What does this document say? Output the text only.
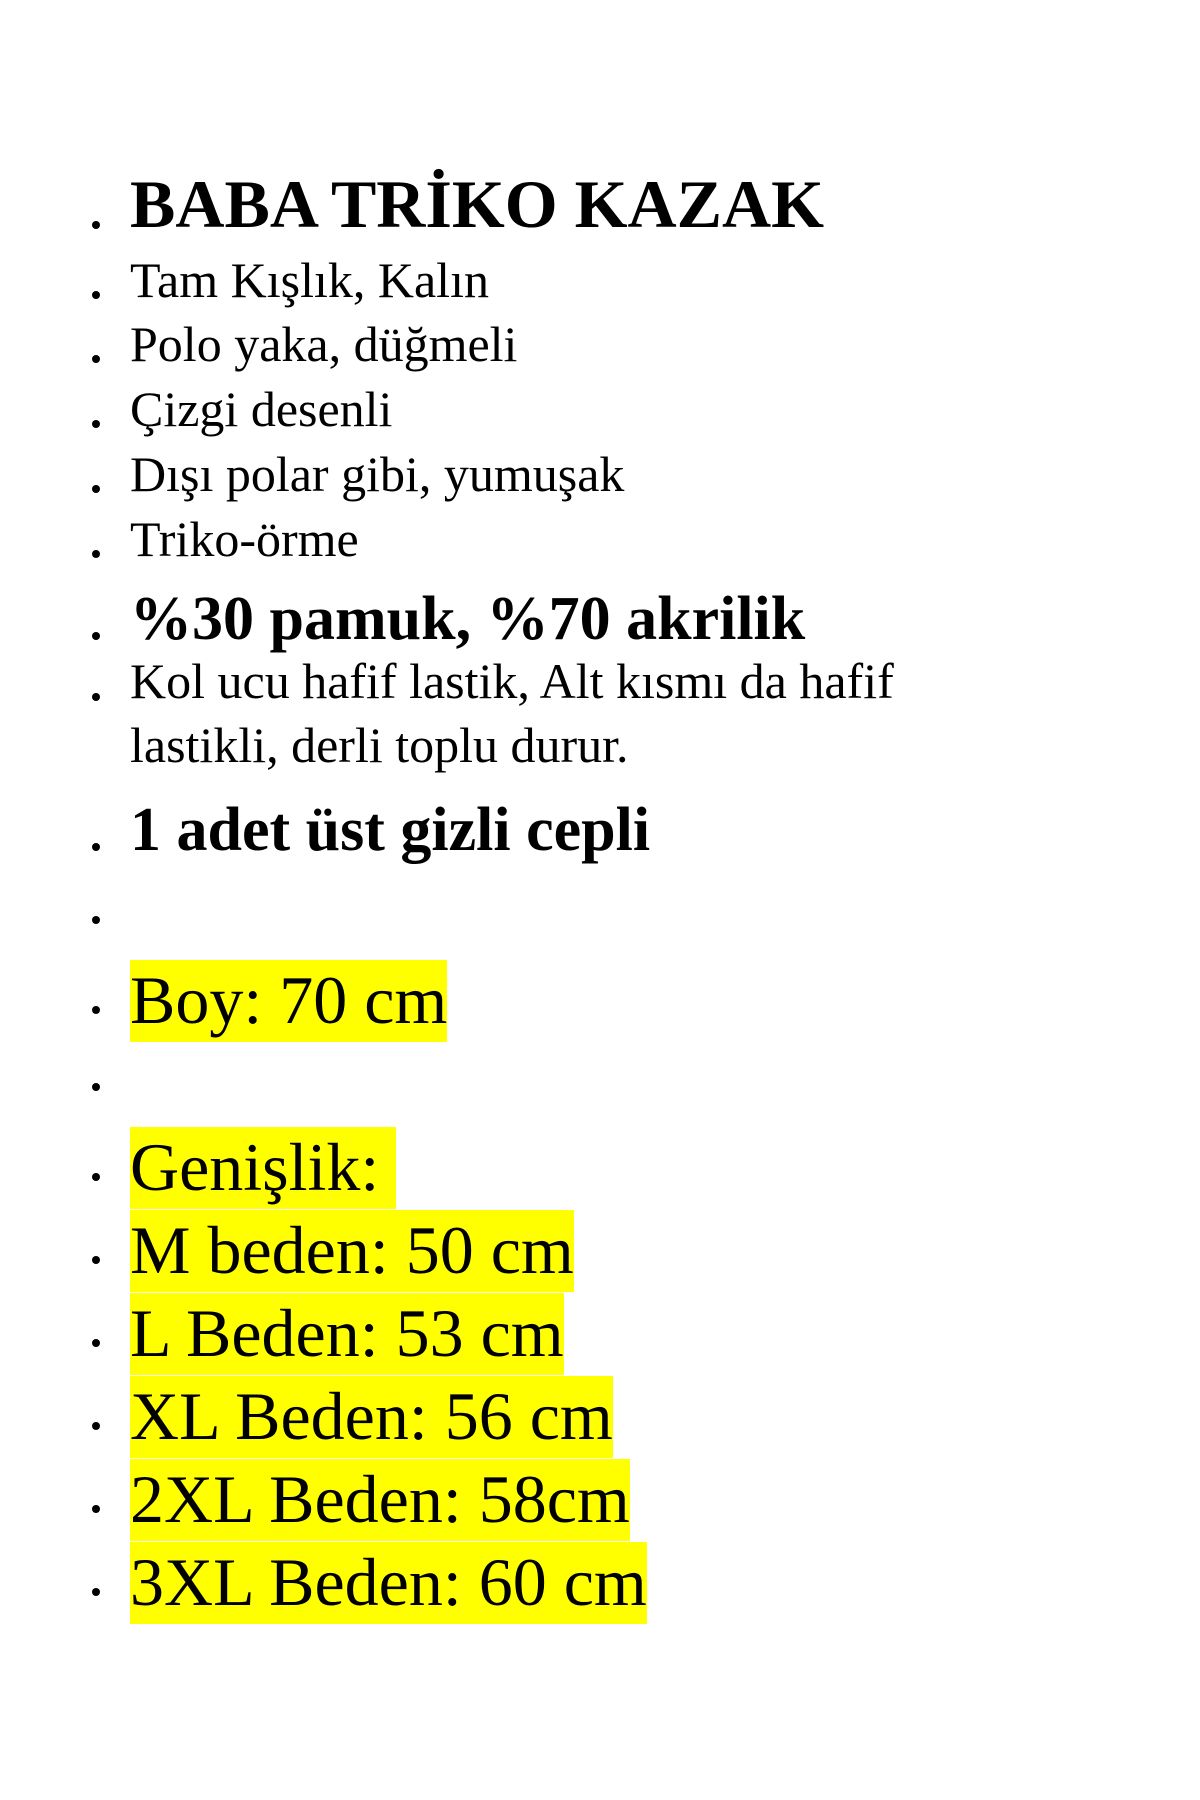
BABA TRİKO KAZAK
Tam Kışlık, Kalın
Polo yaka, düğmeli
Çizgi desenli
Dışı polar gibi, yumuşak
Triko-örme
%30 pamuk, %70 akrilik
Kol ucu hafif lastik, Alt kısmı da hafif lastikli, derli toplu durur.
1 adet üst gizli cepli
Boy: 70 cm
Genişlik:
M beden: 50 cm
L Beden: 53 cm
XL Beden: 56 cm
2XL Beden: 58cm
3XL Beden: 60 cm
